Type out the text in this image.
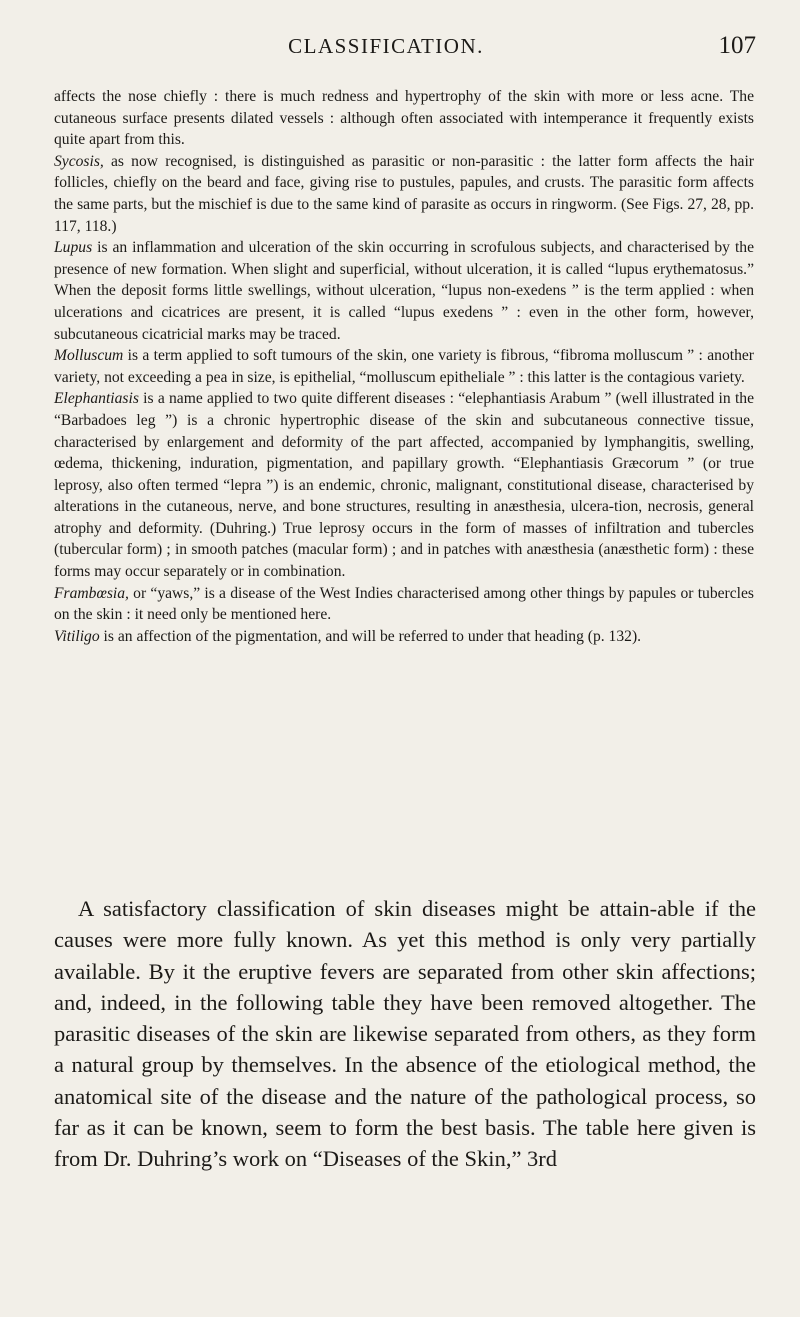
CLASSIFICATION.	107

affects the nose chiefly : there is much redness and hypertrophy of the skin with more or less acne. The cutaneous surface presents dilated vessels : although often associated with intemperance it frequently exists quite apart from this.

Sycosis, as now recognised, is distinguished as parasitic or non-parasitic : the latter form affects the hair follicles, chiefly on the beard and face, giving rise to pustules, papules, and crusts. The parasitic form affects the same parts, but the mischief is due to the same kind of parasite as occurs in ringworm. (See Figs. 27, 28, pp. 117, 118.)

Lupus is an inflammation and ulceration of the skin occurring in scrofulous subjects, and characterised by the presence of new formation. When slight and superficial, without ulceration, it is called “lupus erythematosus.” When the deposit forms little swellings, without ulceration, “lupus non-exedens ” is the term applied : when ulcerations and cicatrices are present, it is called “lupus exedens ” : even in the other form, however, subcutaneous cicatricial marks may be traced.

Molluscum is a term applied to soft tumours of the skin, one variety is fibrous, “fibroma molluscum ” : another variety, not exceeding a pea in size, is epithelial, “molluscum epitheliale ” : this latter is the contagious variety.

Elephantiasis is a name applied to two quite different diseases : “elephantiasis Arabum ” (well illustrated in the “Barbadoes leg ”) is a chronic hypertrophic disease of the skin and subcutaneous connective tissue, characterised by enlargement and deformity of the part affected, accompanied by lymphangitis, swelling, œdema, thickening, induration, pigmentation, and papillary growth. “Elephantiasis Græcorum ” (or true leprosy, also often termed “lepra ”) is an endemic, chronic, malignant, constitutional disease, characterised by alterations in the cutaneous, nerve, and bone structures, resulting in anæsthesia, ulcera-tion, necrosis, general atrophy and deformity. (Duhring.) True leprosy occurs in the form of masses of infiltration and tubercles (tubercular form) ; in smooth patches (macular form) ; and in patches with anæsthesia (anæsthetic form) : these forms may occur separately or in combination.

Frambœsia, or “yaws,” is a disease of the West Indies characterised among other things by papules or tubercles on the skin : it need only be mentioned here.

Vitiligo is an affection of the pigmentation, and will be referred to under that heading (p. 132).

A satisfactory classification of skin diseases might be attain-able if the causes were more fully known. As yet this method is only very partially available. By it the eruptive fevers are separated from other skin affections; and, indeed, in the following table they have been removed altogether. The parasitic diseases of the skin are likewise separated from others, as they form a natural group by themselves. In the absence of the etiological method, the anatomical site of the disease and the nature of the pathological process, so far as it can be known, seem to form the best basis. The table here given is from Dr. Duhring’s work on “Diseases of the Skin,” 3rd
